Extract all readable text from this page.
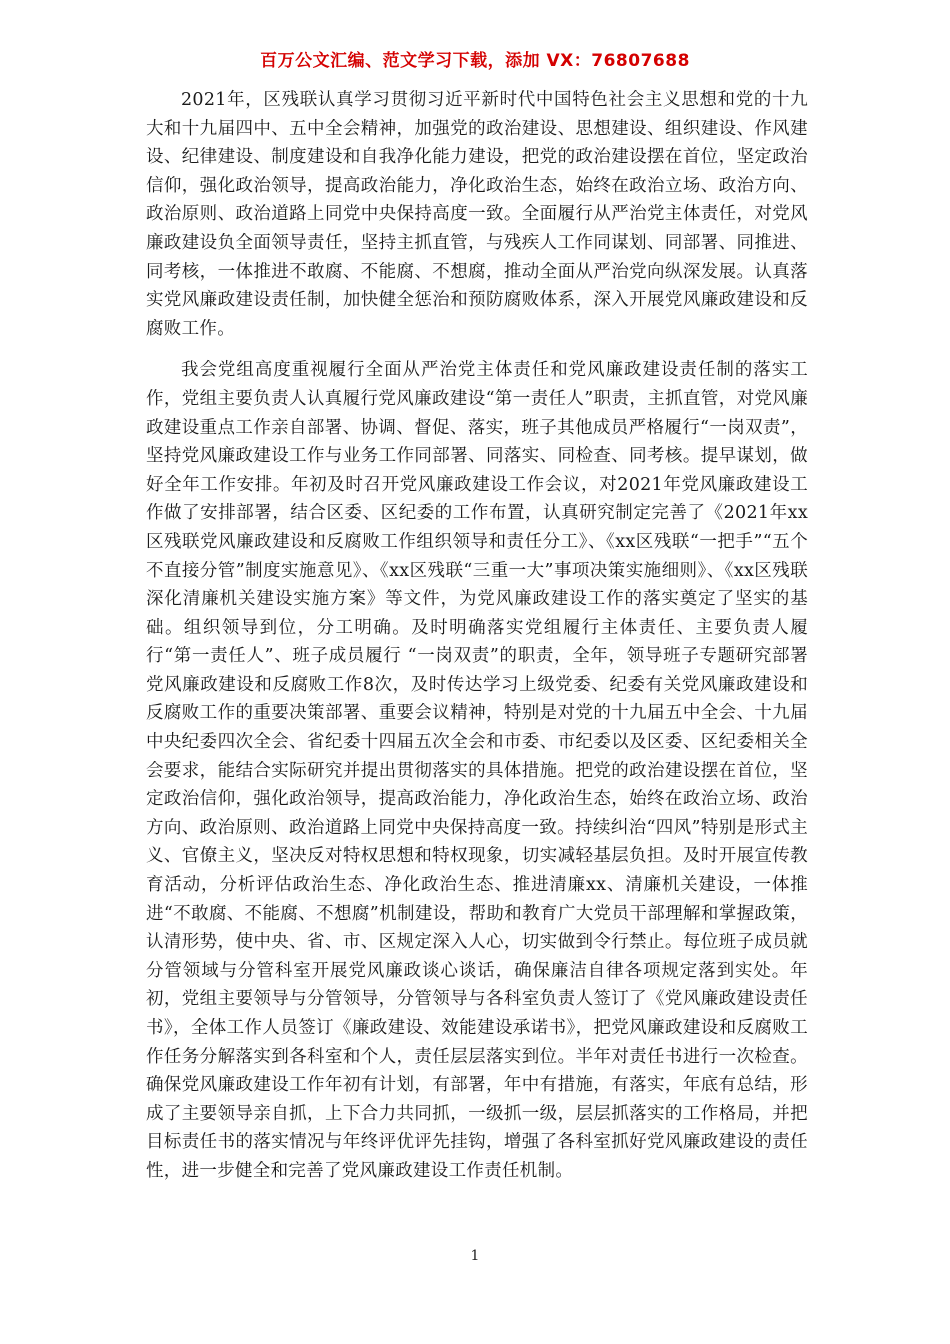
百万公文汇编、范文学习下载，添加 VX：76807688

2021年，区残联认真学习贯彻习近平新时代中国特色社会主义思想和党的十九大和十九届四中、五中全会精神，加强党的政治建设、思想建设、组织建设、作风建设、纪律建设、制度建设和自我净化能力建设，把党的政治建设摆在首位，坚定政治信仰，强化政治领导，提高政治能力，净化政治生态，始终在政治立场、政治方向、政治原则、政治道路上同党中央保持高度一致。全面履行从严治党主体责任，对党风廉政建设负全面领导责任，坚持主抓直管，与残疾人工作同谋划、同部署、同推进、同考核，一体推进不敢腐、不能腐、不想腐，推动全面从严治党向纵深发展。认真落实党风廉政建设责任制，加快健全惩治和预防腐败体系，深入开展党风廉政建设和反腐败工作。

我会党组高度重视履行全面从严治党主体责任和党风廉政建设责任制的落实工作，党组主要负责人认真履行党风廉政建设“第一责任人”职责，主抓直管，对党风廉政建设重点工作亲自部署、协调、督促、落实，班子其他成员严格履行“一岗双责”，坚持党风廉政建设工作与业务工作同部署、同落实、同检查、同考核。提早谋划，做好全年工作安排。年初及时召开党风廉政建设工作会议，对2021年党风廉政建设工作做了安排部署，结合区委、区纪委的工作布置，认真研究制定完善了《2021年xx区残联党风廉政建设和反腐败工作组织领导和责任分工》、《xx区残联“一把手”“五个不直接分管”制度实施意见》、《xx区残联“三重一大”事项决策实施细则》、《xx区残联深化清廉机关建设实施方案》等文件，为党风廉政建设工作的落实奠定了坚实的基础。组织领导到位，分工明确。及时明确落实党组履行主体责任、主要负责人履行“第一责任人”、班子成员履行 “一岗双责”的职责，全年，领导班子专题研究部署党风廉政建设和反腐败工作8次，及时传达学习上级党委、纪委有关党风廉政建设和反腐败工作的重要决策部署、重要会议精神，特别是对党的十九届五中全会、十九届中央纪委四次全会、省纪委十四届五次全会和市委、市纪委以及区委、区纪委相关全会要求，能结合实际研究并提出贯彻落实的具体措施。把党的政治建设摆在首位，坚定政治信仰，强化政治领导，提高政治能力，净化政治生态，始终在政治立场、政治方向、政治原则、政治道路上同党中央保持高度一致。持续纠治“四风”特别是形式主义、官僚主义，坚决反对特权思想和特权现象，切实减轻基层负担。及时开展宣传教育活动，分析评估政治生态、净化政治生态、推进清廉xx、清廉机关建设，一体推进“不敢腐、不能腐、不想腐”机制建设，帮助和教育广大党员干部理解和掌握政策，认清形势，使中央、省、市、区规定深入人心，切实做到令行禁止。每位班子成员就分管领域与分管科室开展党风廉政谈心谈话，确保廉洁自律各项规定落到实处。年初，党组主要领导与分管领导，分管领导与各科室负责人签订了《党风廉政建设责任书》，全体工作人员签订《廉政建设、效能建设承诺书》，把党风廉政建设和反腐败工作任务分解落实到各科室和个人，责任层层落实到位。半年对责任书进行一次检查。确保党风廉政建设工作年初有计划，有部署，年中有措施，有落实，年底有总结，形成了主要领导亲自抓，上下合力共同抓，一级抓一级，层层抓落实的工作格局，并把目标责任书的落实情况与年终评优评先挂钩，增强了各科室抓好党风廉政建设的责任性，进一步健全和完善了党风廉政建设工作责任机制。

1
